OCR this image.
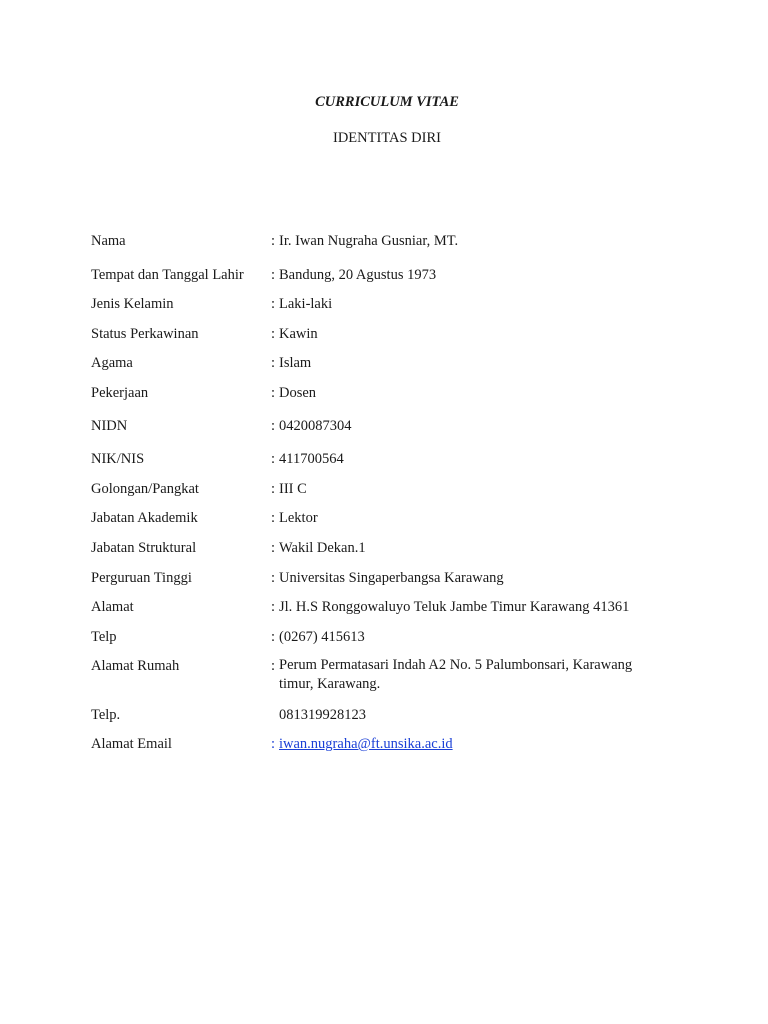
CURRICULUM VITAE

IDENTITAS DIRI

Nama	: Ir. Iwan Nugraha Gusniar, MT.
Tempat dan Tanggal Lahir : Bandung, 20 Agustus 1973
Jenis Kelamin	: Laki-laki
Status Perkawinan	: Kawin
Agama	: Islam
Pekerjaan	: Dosen
NIDN	: 0420087304
NIK/NIS	: 411700564
Golongan/Pangkat	: III C
Jabatan Akademik	: Lektor
Jabatan Struktural	: Wakil Dekan.1
Perguruan Tinggi	: Universitas Singaperbangsa Karawang
Alamat	: Jl. H.S Ronggowaluyo Teluk Jambe Timur Karawang 41361
Telp	: (0267) 415613
Alamat Rumah	: Perum Permatasari Indah A2 No. 5 Palumbonsari, Karawang timur, Karawang.
Telp.	081319928123
Alamat Email	: iwan.nugraha@ft.unsika.ac.id
